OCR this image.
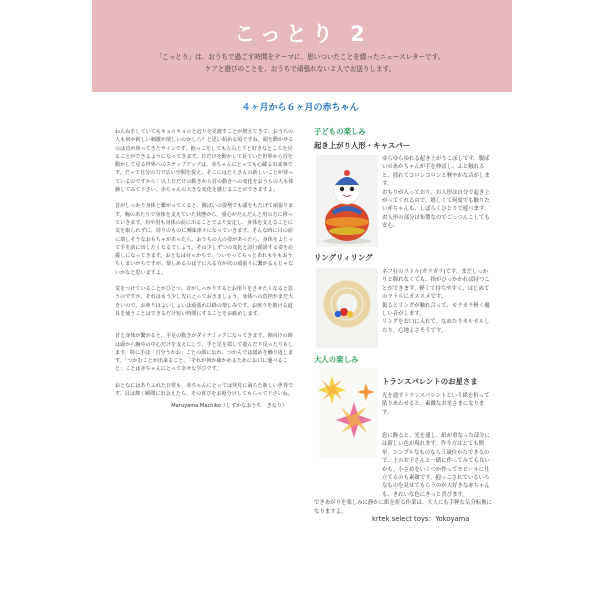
こっとり 2
「こっとり」は、おうちで過ごす時間をテーマに、思いついたことを綴ったニュースレターです。
ケアと遊びのことを、おうちで頑張れない２人でお送りします。
４ヶ月から６ヶ月の赤ちゃん

ねんねをしていてもキョロキョロと辺りを見渡すことが増えてきて、おうちの人も何か新しい刺激が欲しいのかしら？と思い始める頃ですね。頭を動かせるのは首が座ってきたサインです。抱っこをしても左右上下と好きなところを見ることができるようになってきます。日だけを動かして見ていた世界から首を動かして見る世界へのステップアップは、赤ちゃんにとっても心躍る出来事です。だって自分の力で広い空間を捉え、そこにはたくさんの新しいことが待っているのですから！以上日だけの動きから首の動きへの変化をおうちの人も体験してみて下さい。赤ちゃんの大きな変化を感じることができますよ。

首がしっかり身体と繋がってくると、腹ばいの姿勢でも頭をもたげて頑張ります。胸のあたりで身体を支えていた状態から、重心がだんだんと肘の方に移っていきます。肩や肘も身体の前に出ることでより安定し、身体を支えることに気を取られずに、周りのものに興味津々になっていきます。そんな時に目の前に楽しそうなおもちゃがあったら、おうちの人の姿があったら、身体をよじって手を前に出したくなるでしょう。その少しずつの変化と試行錯誤する姿を応援しになってきます。おとなはせっかちで、ついやってもっとあれもやもおうちしまいがちですが、楽しめるのは子に入る方が次の頑張りに繋がるんじゃないかなと思いますよ。

気をつけていることがひとつ。首がしっかりするとお座りをさせたくなると思うのですが、それはもう少し先にとっておきましょう。身体への負担がまだ大きいので、お座りはよいしょいは頑張れ以降の楽しみです。お座りを助ける道具を使うことはできるだけ短い時間にすることをお勧めします。

首と身体が繋がると、手足の動きがダイナミックになってきます。仰向けの時は頭から胸中の中心だけを支えにして、手と足を揺して遊んだり反ったりもします。特に手は「自分うかお」ことの顔に伝れ、つかんでは舐めを繰り返します。「つかむことが出来ること、「それが何か確かめるためにお口に運べること」ことは赤ちゃんにとって幸せな学びです。

おとなにはありふれた日常も、赤ちゃんにとっては発見に満ちた新しい世界です。目は輝く瞬間に出会えたら、その喜びをお裾分けしてもらって下さいね。

Maruyama Machiko（しずかなおうち　きなり）

子どもの楽しみ
起き上がり人形・キャスパー
ゆらゆらゆれる起き上がりこぼしです。腹ばいのあかちゃんが手を伸ばし、ふと触れると、揺れてコロンコロンと軽やかな音がします。
おもりが入っており、お人形は自分で起き上がってくれるので、嬉しくて何度でも触りたい赤ちゃんも、しばらくひとりで遊べます。
お人形の部分は布製なのでごっつんこしても安心。
リングリィリング
ネフ社のラトル(ガラガラ)です。まだしっかりと握れなくても、指がひっかかれば持つことができます。軽くて持ちやすく、はじめてのラトルにオススメです。
振るとリングが触れ合って、カラカラ軽く優しい音がします。
リングをお口に入れて、なめたりカルカルしたり、心地よさそうです。
大人の楽しみ
トランスパレントのお星さま
光を通すトランスパレントという紙を折って貼りあわせると、素敵なお星さまになります。
窓に飾ると、光を通し、紙が重なった部分には新しい色が現れます。作り方はとても簡単。シンプルなものなら５歳位からできるので、上のお子さんと一緒に作ってみても良いかも。小さめをいくつか作ってモビールに仕立てるのも素敵です。抱っこされているいろなものを見せてもらうのが大好きな赤ちゃんも、きれいな色にきっと喜びます。
できあがりを楽しみに静かに紙を折る作業は、大人にも手軽な気分転換になりますよ。
krtek select toys：Yokoyama
